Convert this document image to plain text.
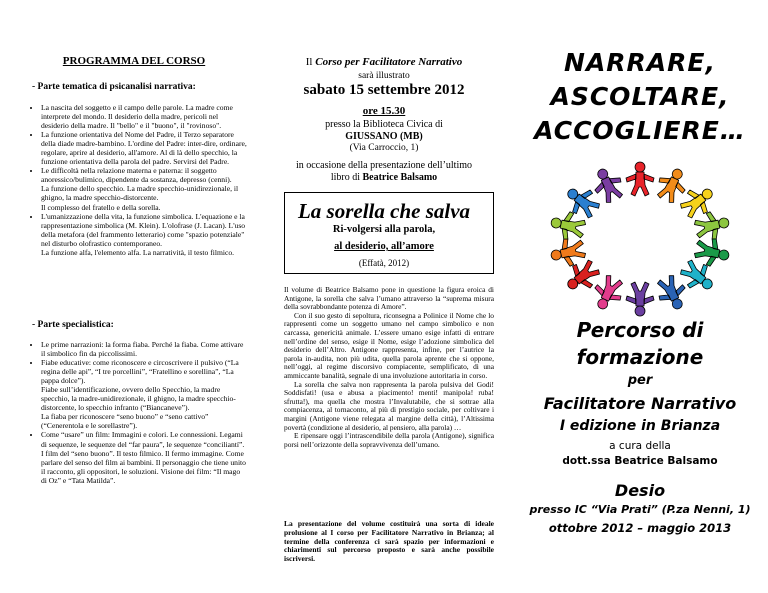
PROGRAMMA DEL CORSO
- Parte tematica di psicanalisi narrativa:
• La nascita del soggetto e il campo delle parole. La madre come interprete del mondo. Il desiderio della madre, pericoli nel desiderio della madre. Il "bello" e il "buono", il "rovinoso".
• La funzione orientativa del Nome del Padre, il Terzo separatore della diade madre-bambino. L'ordine del Padre: inter-dire, ordinare, regolare, aprire al desiderio, all'amore. Al di là dello specchio, la funzione orientativa della parola del padre. Servirsi del Padre.
• Le difficoltà nella relazione materna e paterna: il soggetto anoressico/bulimico, dipendente da sostanza, depresso (cenni).
La funzione dello specchio. La madre specchio-unidirezionale, il ghigno, la madre specchio-distorcente.
Il complesso del fratello e della sorella.
• L'umanizzazione della vita, la funzione simbolica. L'equazione e la rappresentazione simbolica (M. Klein). L'olofrase (J. Lacan). L'uso della metafora (del frammento letterario) come "spazio potenziale" nel disturbo olofrastico contemporaneo.
La funzione alfa, l'elemento alfa. La narratività, il testo filmico.
- Parte specialistica:
• Le prime narrazioni: la forma fiaba. Perché la fiaba. Come attivare il simbolico fin da piccolissimi.
• Fiabe educative: come riconoscere e circoscrivere il pulsivo (“La regina delle api”, “I tre porcellini”, “Fratellino e sorellina”, “La pappa dolce”).
Fiabe sull’identificazione, ovvero dello Specchio, la madre specchio, la madre-unidirezionale, il ghigno, la madre specchio-distorcente, lo specchio infranto (“Biancaneve”).
La fiaba per riconoscere “seno buono” e “seno cattivo” (“Cenerentola e le sorellastre”).
• Come “usare” un film: Immagini e colori. Le connessioni. Legami di sequenze, le sequenze del “far paura”, le sequenze “conciliantí”. I film del “seno buono”. Il testo filmico. Il fermo immagine. Come parlare del senso del film ai bambini. Il personaggio che tiene unito il racconto, gli oppositori, le soluzioni. Visione dei film: “Il mago di Oz” e “Tata Matilda”.
Il Corso per Facilitatore Narrativo
sarà illustrato
sabato 15 settembre 2012
ore 15.30
presso la Biblioteca Civica di
GIUSSANO (MB)
(Via Carroccio, 1)
in occasione della presentazione dell’ultimo
libro di Beatrice Balsamo
La sorella che salva
Ri-volgersi alla parola,
al desiderio, all’amore
(Effatà, 2012)

Il volume di Beatrice Balsamo pone in questione la figura eroica di Antigone, la sorella che salva l’umano attraverso la “suprema misura della sovrabbondante potenza di Amore”.

Con il suo gesto di sepoltura, riconsegna a Polinice il Nome che lo rappresenti come un soggetto umano nel campo simbolico e non carcassa, genericità animale. L’essere umano esige infatti di entrare nell’ordine del senso, esige il Nome, esige l’adozione simbolica del desiderio dell’Altro. Antigone rappresenta, infine, per l’autrice la parola in-audita, non più udita, quella parola aprente che si oppone, nell’oggi, al regime discorsivo compiacente, semplificato, di una ammiccante banalità, segnale di una involuzione autoritaria in corso.

La sorella che salva non rappresenta la parola pulsiva del Godi! Soddisfati! (usa e abusa a piacimento! menti! manipola! ruba! sfrutta!), ma quella che mostra l’Invalutabile, che si sottrae alla compiacenza, al tornaconto, al più di prestigio sociale, per coltivare i margini (Antigone viene relegata al margine della città), l’Altissima povertà (condizione al desiderio, al pensiero, alla parola) …

E ripensare oggi l’intrascendibile della parola (Antigone), significa porsi nell’orizzonte della sopravvivenza dell’umano.

La presentazione del volume costituirà una sorta di ideale prolusione al I corso per Facilitatore Narrativo in Brianza; al termine della conferenza ci sarà spazio per informazioni e chiarimenti sul percorso proposto e sarà anche possibile iscriversi.
NARRARE,
ASCOLTARE,
ACCOGLIERE…
Percorso di
formazione
per
Facilitatore Narrativo
I edizione in Brianza
a cura della
dott.ssa Beatrice Balsamo
Desio
presso IC “Via Prati” (P.za Nenni, 1)
ottobre 2012 – maggio 2013
